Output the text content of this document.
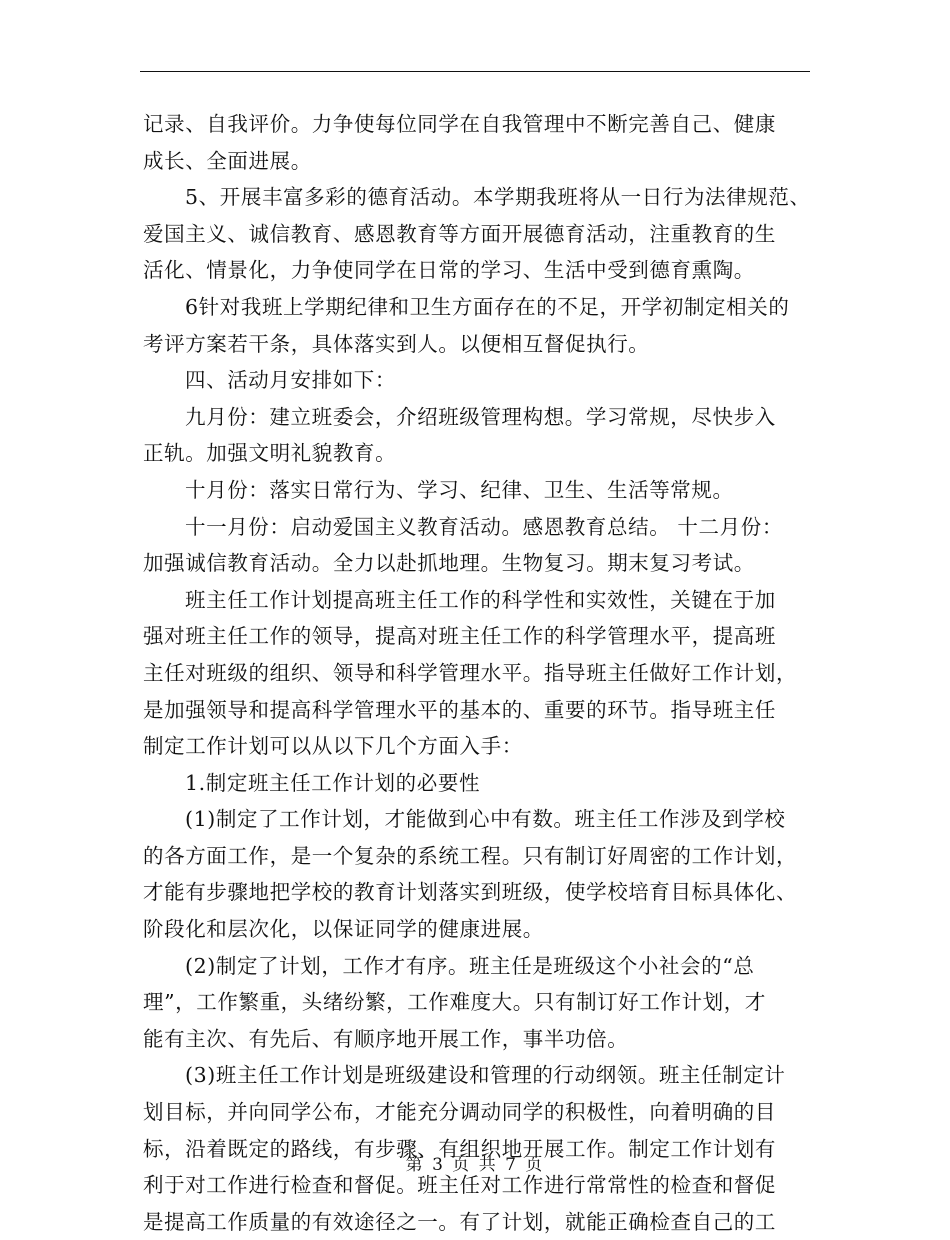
记录、自我评价。力争使每位同学在自我管理中不断完善自己、健康
成长、全面进展。
5、开展丰富多彩的德育活动。本学期我班将从一日行为法律规范、
爱国主义、诚信教育、感恩教育等方面开展德育活动，注重教育的生
活化、情景化，力争使同学在日常的学习、生活中受到德育熏陶。
6针对我班上学期纪律和卫生方面存在的不足，开学初制定相关的
考评方案若干条，具体落实到人。以便相互督促执行。
四、活动月安排如下：
九月份：建立班委会，介绍班级管理构想。学习常规，尽快步入
正轨。加强文明礼貌教育。
十月份：落实日常行为、学习、纪律、卫生、生活等常规。
十一月份：启动爱国主义教育活动。感恩教育总结。 十二月份：
加强诚信教育活动。全力以赴抓地理。生物复习。期末复习考试。
班主任工作计划提高班主任工作的科学性和实效性，关键在于加
强对班主任工作的领导，提高对班主任工作的科学管理水平，提高班
主任对班级的组织、领导和科学管理水平。指导班主任做好工作计划，
是加强领导和提高科学管理水平的基本的、重要的环节。指导班主任
制定工作计划可以从以下几个方面入手：
1.制定班主任工作计划的必要性
(1)制定了工作计划，才能做到心中有数。班主任工作涉及到学校
的各方面工作，是一个复杂的系统工程。只有制订好周密的工作计划，
才能有步骤地把学校的教育计划落实到班级，使学校培育目标具体化、
阶段化和层次化，以保证同学的健康进展。
(2)制定了计划，工作才有序。班主任是班级这个小社会的“总
理”，工作繁重，头绪纷繁，工作难度大。只有制订好工作计划，才
能有主次、有先后、有顺序地开展工作，事半功倍。
(3)班主任工作计划是班级建设和管理的行动纲领。班主任制定计
划目标，并向同学公布，才能充分调动同学的积极性，向着明确的目
标，沿着既定的路线，有步骤、有组织地开展工作。制定工作计划有
利于对工作进行检查和督促。班主任对工作进行常常性的检查和督促
是提高工作质量的有效途径之一。有了计划，就能正确检查自己的工
第 3 页 共 7 页
